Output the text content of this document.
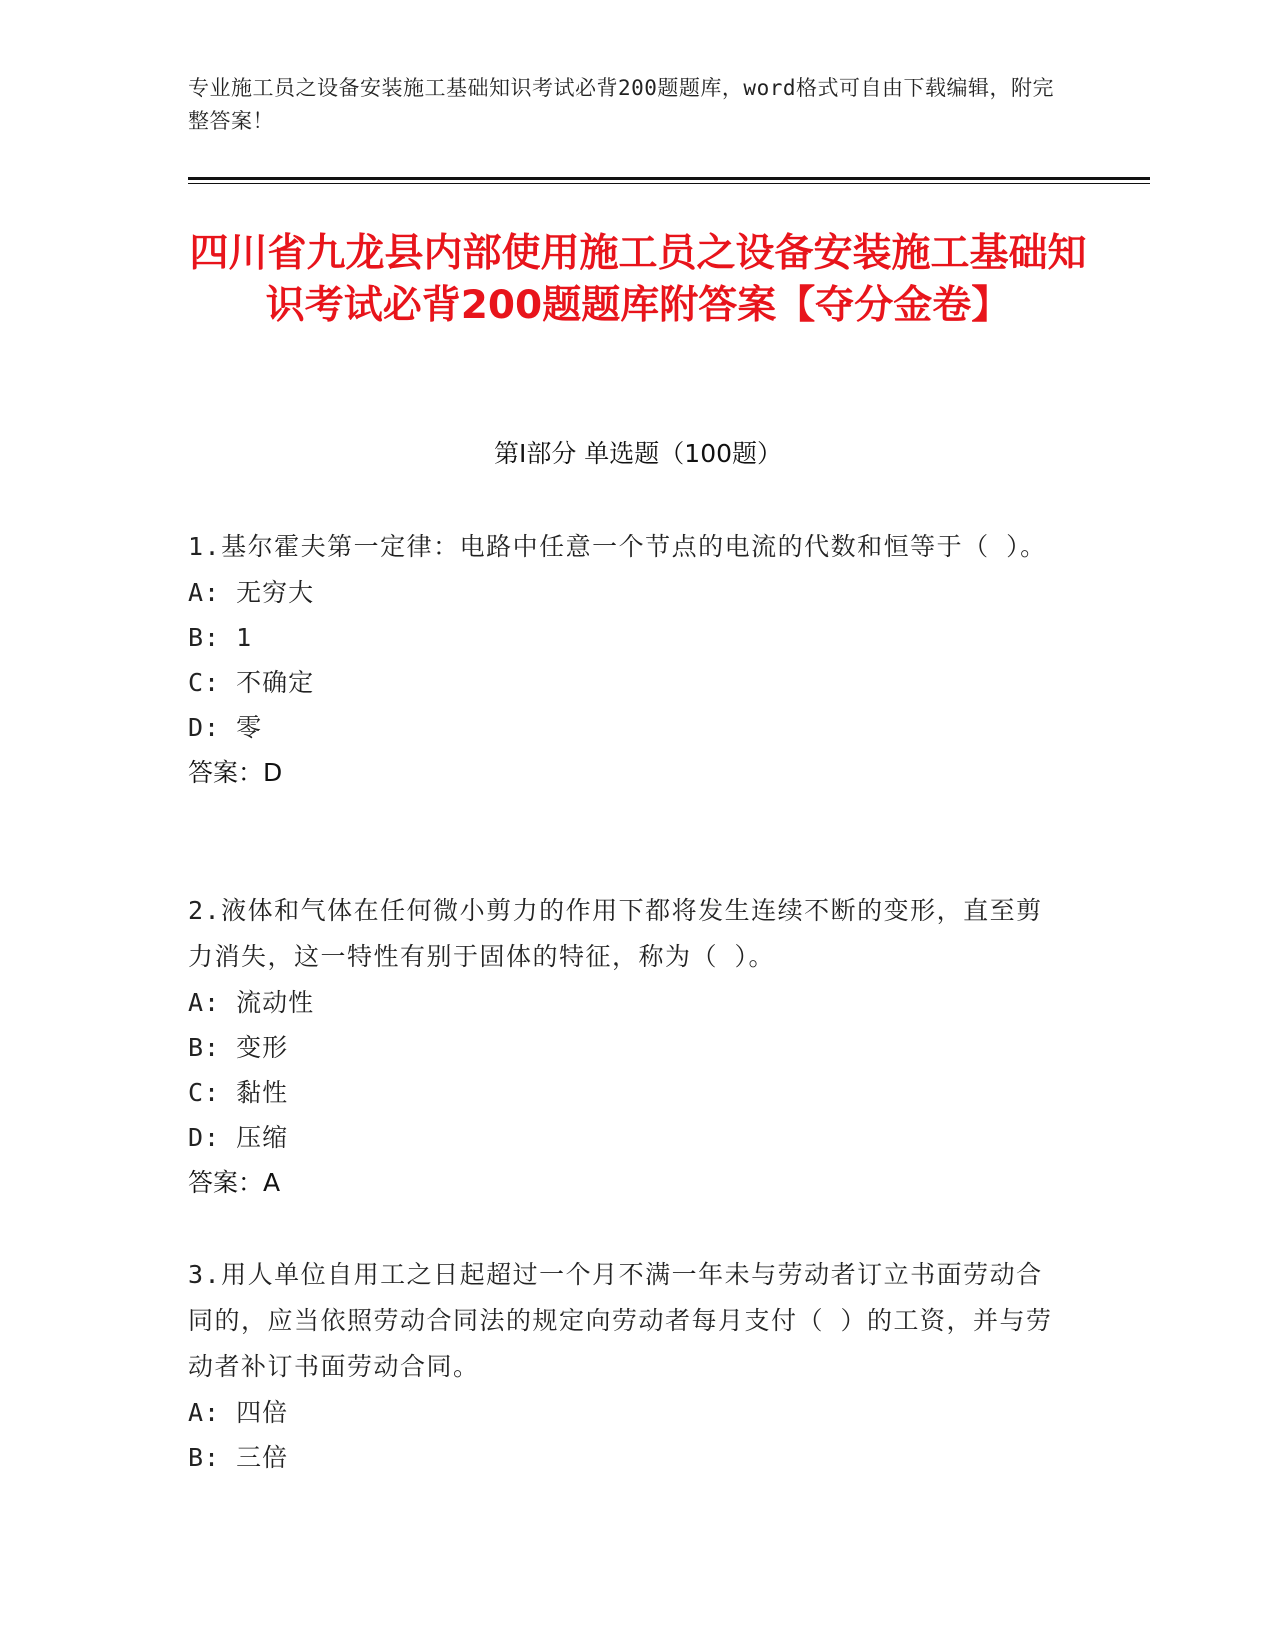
专业施工员之设备安装施工基础知识考试必背200题题库，word格式可自由下载编辑，附完整答案！
四川省九龙县内部使用施工员之设备安装施工基础知识考试必背200题题库附答案【夺分金卷】
第I部分 单选题（100题）
1.基尔霍夫第一定律：电路中任意一个节点的电流的代数和恒等于（ ）。
A: 无穷大
B: 1
C: 不确定
D: 零
答案：D
2.液体和气体在任何微小剪力的作用下都将发生连续不断的变形，直至剪力消失，这一特性有别于固体的特征，称为（ ）。
A: 流动性
B: 变形
C: 黏性
D: 压缩
答案：A
3.用人单位自用工之日起超过一个月不满一年未与劳动者订立书面劳动合同的，应当依照劳动合同法的规定向劳动者每月支付（ ）的工资，并与劳动者补订书面劳动合同。
A: 四倍
B: 三倍
